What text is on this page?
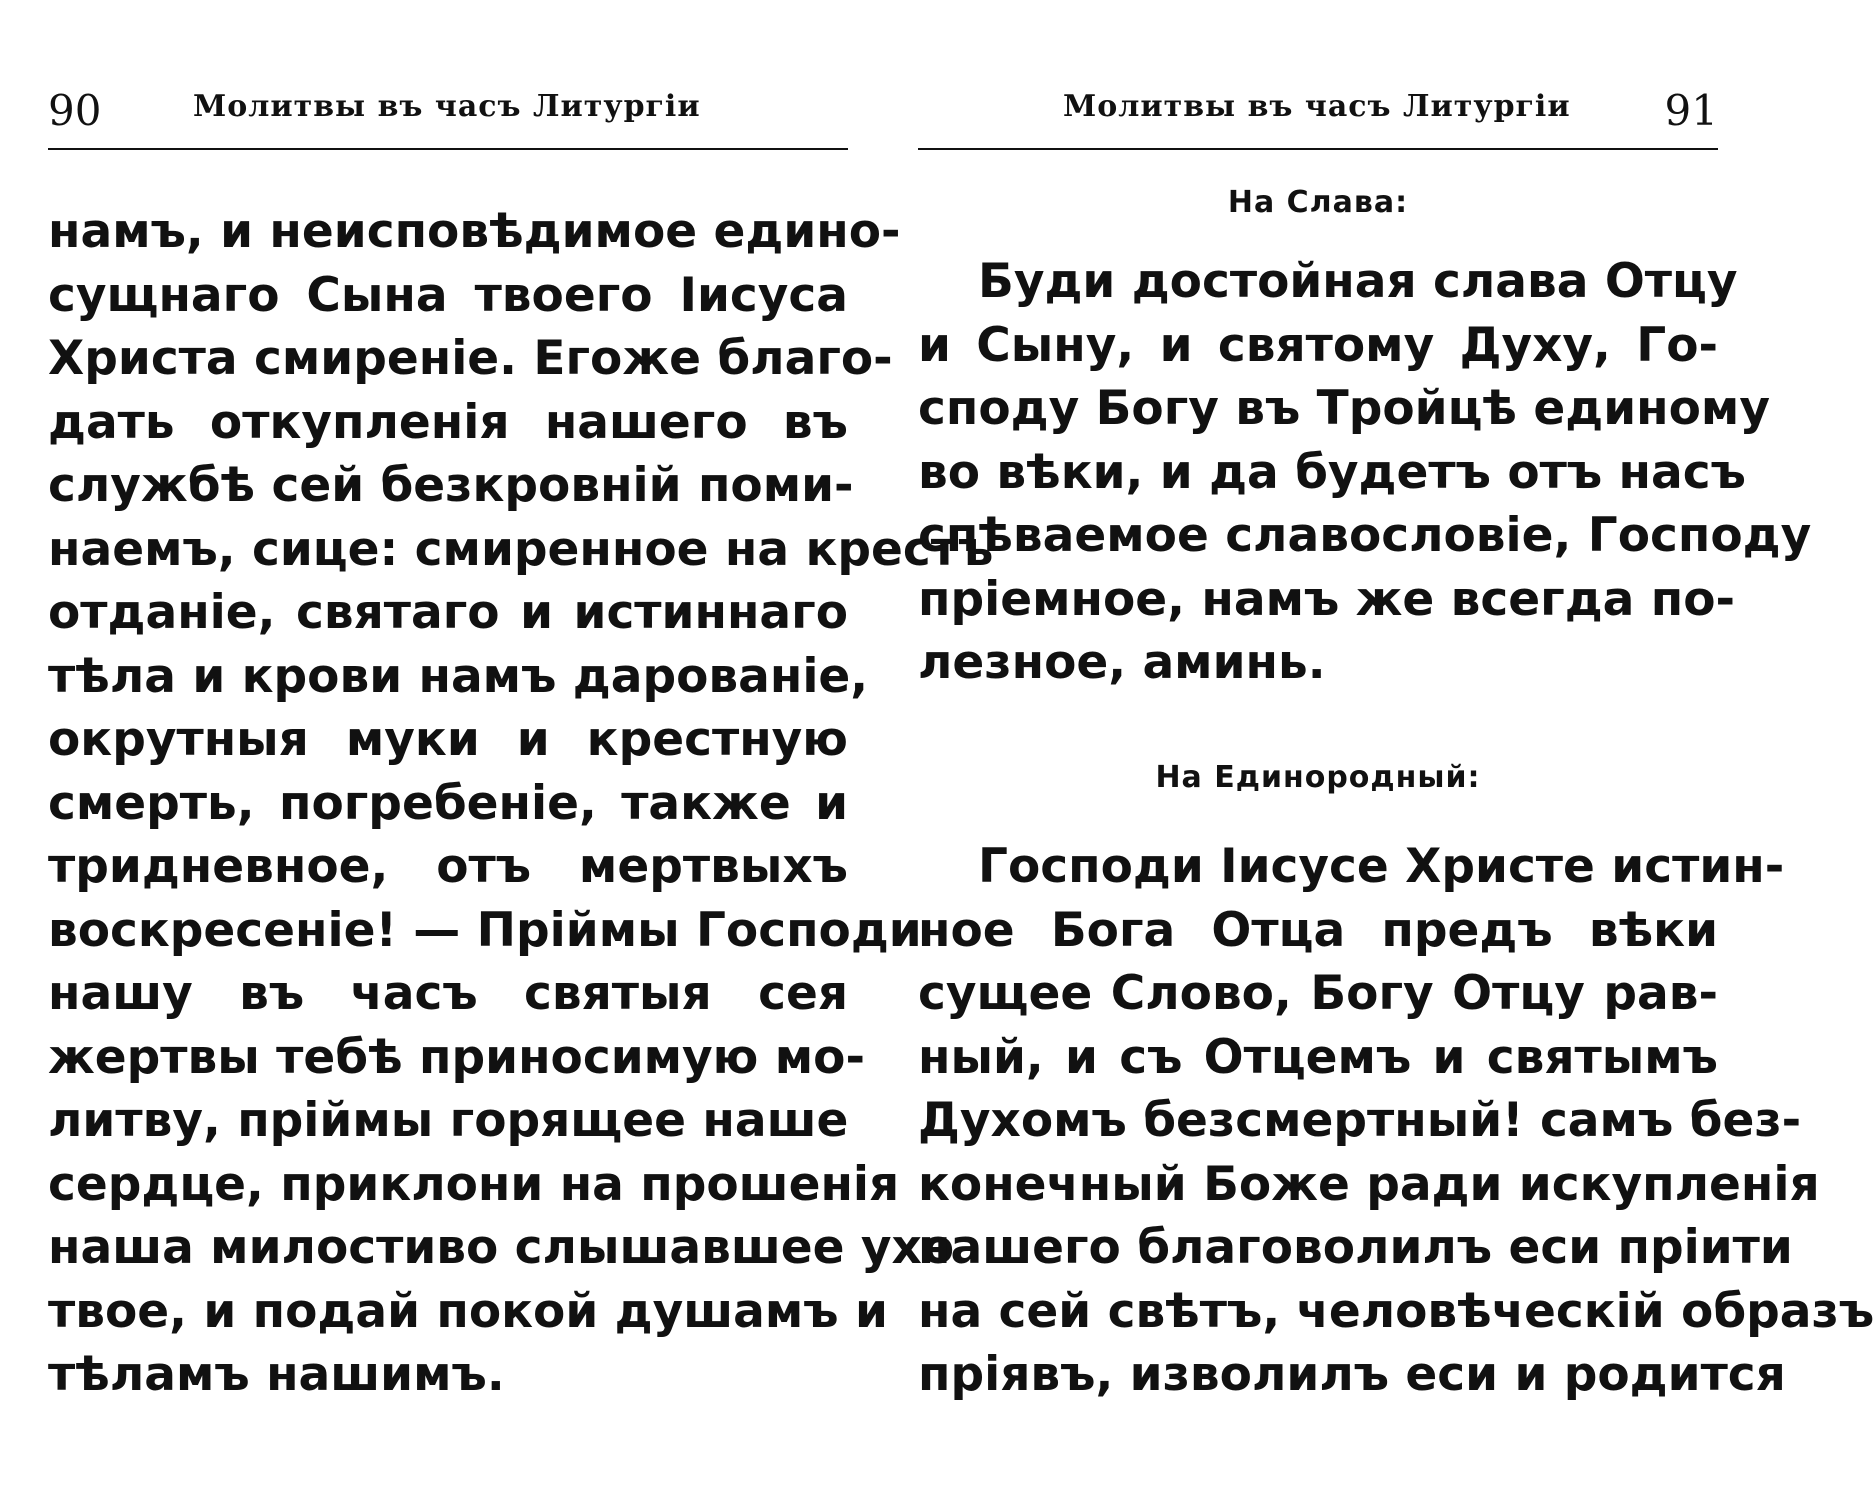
90	Молитвы въ часъ Литургіи
намъ, и неисповѣдимое едино-
сущнаго Сына твоего Іисуса
Христа смиреніе. Егоже благо-
дать откупленія нашего въ
службѣ сей безкровній поми-
наемъ, сице: смиренное на крестъ
отданіе, святаго и истиннаго
тѣла и крови намъ дарованіе,
окрутныя муки и крестную
смерть, погребеніе, также и
тридневное, отъ мертвыхъ
воскресеніе! — Пріймы Господи
нашу въ часъ святыя сея
жертвы тебѣ приносимую мо-
литву, пріймы горящее наше
сердце, приклони на прошенія
наша милостиво слышавшее ухо
твое, и подай покой душамъ и
тѣламъ нашимъ.
Молитвы въ часъ Литургіи 91
На Слава:
Буди достойная слава Отцу
и Сыну, и святому Духу, Го-
споду Богу въ Тройцѣ единому
во вѣки, и да будетъ отъ насъ
спѣваемое славословіе, Господу
пріемное, намъ же всегда по-
лезное, аминь.
На Единородный:
Господи Іисусе Христе истин-
ное Бога Отца предъ вѣки
сущее Слово, Богу Отцу рав-
ный, и съ Отцемъ и святымъ
Духомъ безсмертный! самъ без-
конечный Боже ради искупленія
нашего благоволилъ еси пріити
на сей свѣтъ, человѣческій образъ
пріявъ, изволилъ еси и родится
